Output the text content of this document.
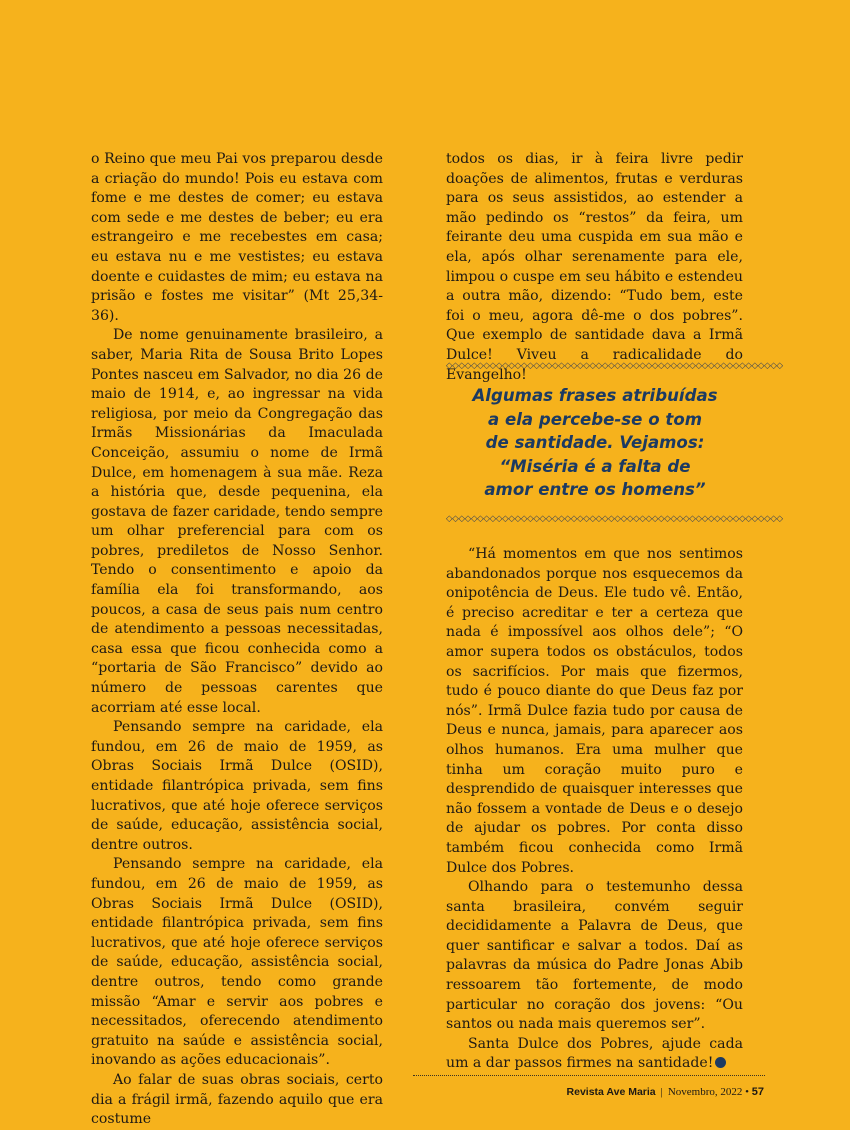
o Reino que meu Pai vos preparou desde a criação do mundo! Pois eu estava com fome e me destes de comer; eu estava com sede e me destes de beber; eu era estrangeiro e me recebestes em casa; eu estava nu e me vestistes; eu estava doente e cuidastes de mim; eu estava na prisão e fostes me visitar” (Mt 25,34-36).

De nome genuinamente brasileiro, a saber, Maria Rita de Sousa Brito Lopes Pontes nasceu em Salvador, no dia 26 de maio de 1914, e, ao ingressar na vida religiosa, por meio da Congregação das Irmãs Missionárias da Imaculada Conceição, assumiu o nome de Irmã Dulce, em homenagem à sua mãe. Reza a história que, desde pequenina, ela gostava de fazer caridade, tendo sempre um olhar preferencial para com os pobres, prediletos de Nosso Senhor. Tendo o consentimento e apoio da família ela foi transformando, aos poucos, a casa de seus pais num centro de atendimento a pessoas necessitadas, casa essa que ficou conhecida como a “portaria de São Francisco” devido ao número de pessoas carentes que acorriam até esse local.

Pensando sempre na caridade, ela fundou, em 26 de maio de 1959, as Obras Sociais Irmã Dulce (OSID), entidade filantrópica privada, sem fins lucrativos, que até hoje oferece serviços de saúde, educação, assistência social, dentre outros.

Pensando sempre na caridade, ela fundou, em 26 de maio de 1959, as Obras Sociais Irmã Dulce (OSID), entidade filantrópica privada, sem fins lucrativos, que até hoje oferece serviços de saúde, educação, assistência social, dentre outros, tendo como grande missão “Amar e servir aos pobres e necessitados, oferecendo atendimento gratuito na saúde e assistência social, inovando as ações educacionais”.

Ao falar de suas obras sociais, certo dia a frágil irmã, fazendo aquilo que era costume

todos os dias, ir à feira livre pedir doações de alimentos, frutas e verduras para os seus assistidos, ao estender a mão pedindo os “restos” da feira, um feirante deu uma cuspida em sua mão e ela, após olhar serenamente para ele, limpou o cuspe em seu hábito e estendeu a outra mão, dizendo: “Tudo bem, este foi o meu, agora dê-me o dos pobres”. Que exemplo de santidade dava a Irmã Dulce! Viveu a radicalidade do Evangelho!

◇◇◇◇◇◇◇◇◇◇◇◇◇◇◇◇◇◇◇◇◇◇◇◇◇◇◇◇◇◇◇◇◇◇◇◇◇◇◇◇◇◇◇◇◇◇◇◇◇◇◇◇◇◇
Algumas frases atribuídas
a ela percebe-se o tom
de santidade. Vejamos:
“Miséria é a falta de
amor entre os homens”
◇◇◇◇◇◇◇◇◇◇◇◇◇◇◇◇◇◇◇◇◇◇◇◇◇◇◇◇◇◇◇◇◇◇◇◇◇◇◇◇◇◇◇◇◇◇◇◇◇◇◇◇◇◇

“Há momentos em que nos sentimos abandonados porque nos esquecemos da onipotência de Deus. Ele tudo vê. Então, é preciso acreditar e ter a certeza que nada é impossível aos olhos dele”; “O amor supera todos os obstáculos, todos os sacrifícios. Por mais que fizermos, tudo é pouco diante do que Deus faz por nós”. Irmã Dulce fazia tudo por causa de Deus e nunca, jamais, para aparecer aos olhos humanos. Era uma mulher que tinha um coração muito puro e desprendido de quaisquer interesses que não fossem a vontade de Deus e o desejo de ajudar os pobres. Por conta disso também ficou conhecida como Irmã Dulce dos Pobres.

Olhando para o testemunho dessa santa brasileira, convém seguir decididamente a Palavra de Deus, que quer santificar e salvar a todos. Daí as palavras da música do Padre Jonas Abib ressoarem tão fortemente, de modo particular no coração dos jovens: “Ou santos ou nada mais queremos ser”.

Santa Dulce dos Pobres, ajude cada um a dar passos firmes na santidade!

Revista Ave Maria | Novembro, 2022 • 57
